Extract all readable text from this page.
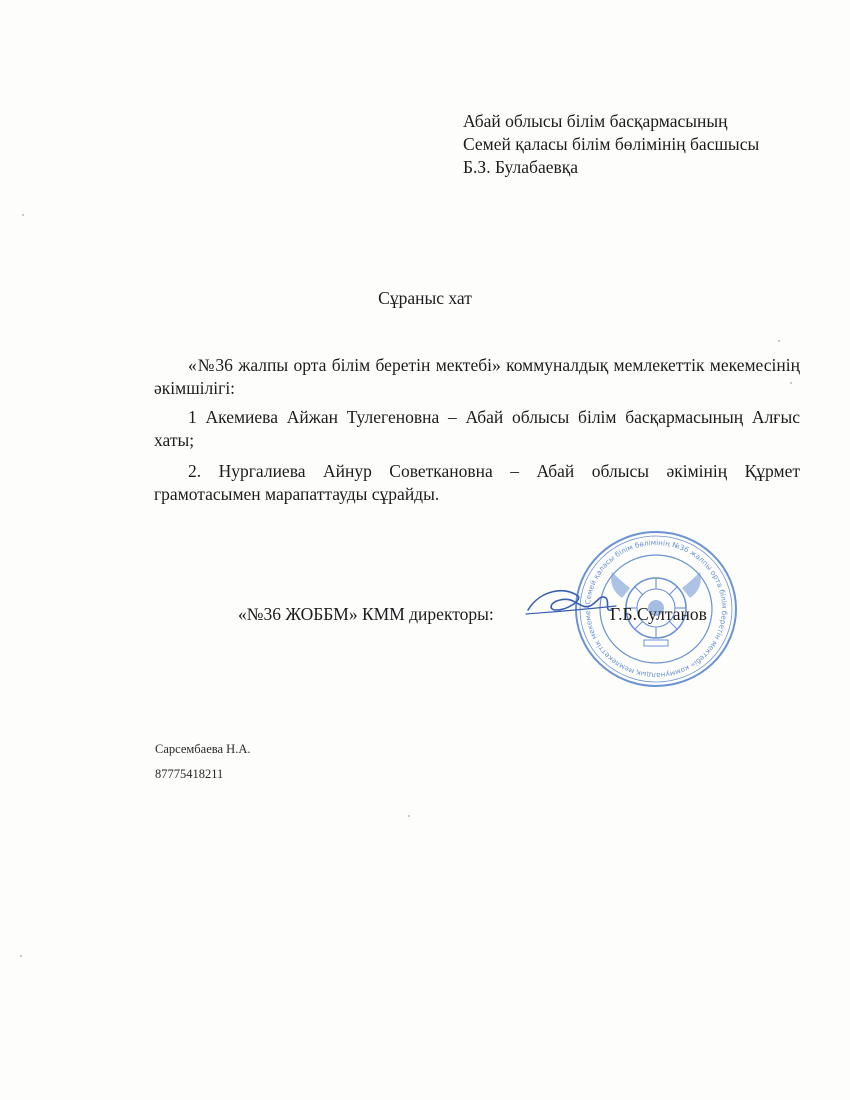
Абай облысы білім басқармасының
Семей қаласы білім бөлімінің басшысы
Б.З. Булабаевқа
Сұраныс хат
«№36 жалпы орта білім беретін мектебі» коммуналдық мемлекеттік мекемесінің әкімшілігі:
1 Акемиева Айжан Тулегеновна – Абай облысы білім басқармасының Алғыс хаты;
2. Нургалиева Айнур Советкановна – Абай облысы әкімінің Құрмет грамотасымен марапаттауды сұрайды.
«Семей қаласы білім бөлімінің №36 жалпы орта білім беретін мектебі» коммуналдық мемлекеттік мекеме
«№36 ЖОББМ» КММ директоры:	Г.Б.Султанов
Сарсембаева Н.А.
87775418211
